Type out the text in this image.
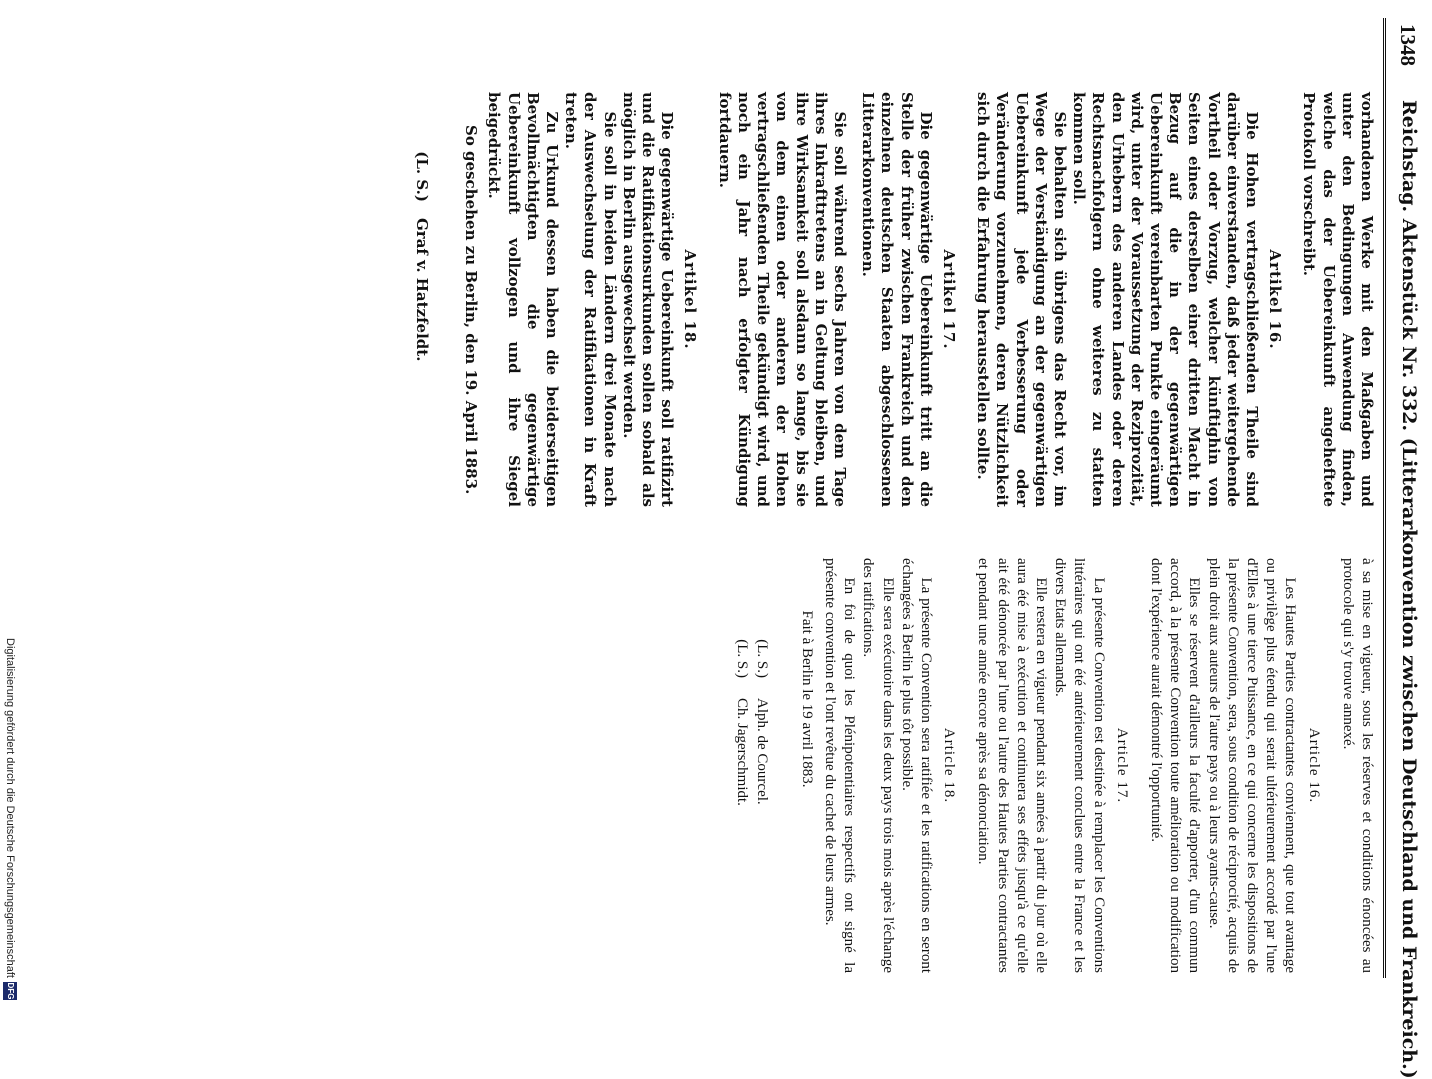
1348
Reichstag. Aktenstück Nr. 332. (Litterarkonvention zwischen Deutschland und Frankreich.)

vorhandenen Werke mit den Maßgaben und unter den Bedingungen Anwendung finden, welche das der Uebereinkunft angeheftete Protokoll vorschreibt.

Artikel 16.

Die Hohen vertragschließenden Theile sind darüber einverstanden, daß jeder weitergehende Vortheil oder Vorzug, welcher künftighin von Seiten eines derselben einer dritten Macht in Bezug auf die in der gegenwärtigen Uebereinkunft vereinbarten Punkte eingeräumt wird, unter der Voraussetzung der Reziprozität, den Urhebern des anderen Landes oder deren Rechtsnachfolgern ohne weiteres zu statten kommen soll.

Sie behalten sich übrigens das Recht vor, im Wege der Verständigung an der gegenwärtigen Uebereinkunft jede Verbesserung oder Veränderung vorzunehmen, deren Nützlichkeit sich durch die Erfahrung herausstellen sollte.

Artikel 17.

Die gegenwärtige Uebereinkunft tritt an die Stelle der früher zwischen Frankreich und den einzelnen deutschen Staaten abgeschlossenen Litterarkonventionen.

Sie soll während sechs Jahren von dem Tage ihres Inkrafttretens an in Geltung bleiben, und ihre Wirksamkeit soll alsdann so lange, bis sie von dem einen oder anderen der Hohen vertragschließenden Theile gekündigt wird, und noch ein Jahr nach erfolgter Kündigung fortdauern.

Artikel 18.

Die gegenwärtige Uebereinkunft soll ratifizirt und die Ratifikationsurkunden sollen sobald als möglich in Berlin ausgewechselt werden.

Sie soll in beiden Ländern drei Monate nach der Auswechselung der Ratifikationen in Kraft treten.

Zu Urkund dessen haben die beiderseitigen Bevollmächtigten die gegenwärtige Uebereinkunft vollzogen und ihre Siegel beigedrückt.

So geschehen zu Berlin, den 19. April 1883.

(L. S.)Graf v. Hatzfeldt.

à sa mise en vigueur, sous les réserves et conditions énoncées au protocole qui s'y trouve annexé.

Article 16.

Les Hautes Parties contractantes conviennent, que tout avantage ou privilège plus étendu qui serait ultérieurement accordé par l'une d'Elles à une tierce Puissance, en ce qui concerne les dispositions de la présente Convention, sera, sous condition de réciprocité, acquis de plein droit aux auteurs de l'autre pays ou à leurs ayants-cause.

Elles se réservent d'ailleurs la faculté d'apporter, d'un commun accord, à la présente Convention toute amélioration ou modification dont l'expérience aurait démontré l'opportunité.

Article 17.

La présente Convention est destinée à remplacer les Conventions littéraires qui ont été antérieurement conclues entre la France et les divers Etats allemands.

Elle restera en vigueur pendant six années à partir du jour où elle aura été mise à exécution et continuera ses effets jusqu'à ce qu'elle ait été dénoncée par l'une ou l'autre des Hautes Parties contractantes et pendant une année encore après sa dénonciation.

Article 18.

La présente Convention sera ratifiée et les ratifications en seront échangées à Berlin le plus tôt possible.

Elle sera exécutoire dans les deux pays trois mois après l'échange des ratifications.

En foi de quoi les Plénipotentiaires respectifs ont signé la présente convention et l'ont revêtue du cachet de leurs armes.

Fait à Berlin le 19 avril 1883.

(L. S.)Alph. de Courcel.
(L. S.)Ch. Jagerschmidt.
Digitalisierung gefördert durch die Deutsche Forschungsgemeinschaft
DFG
